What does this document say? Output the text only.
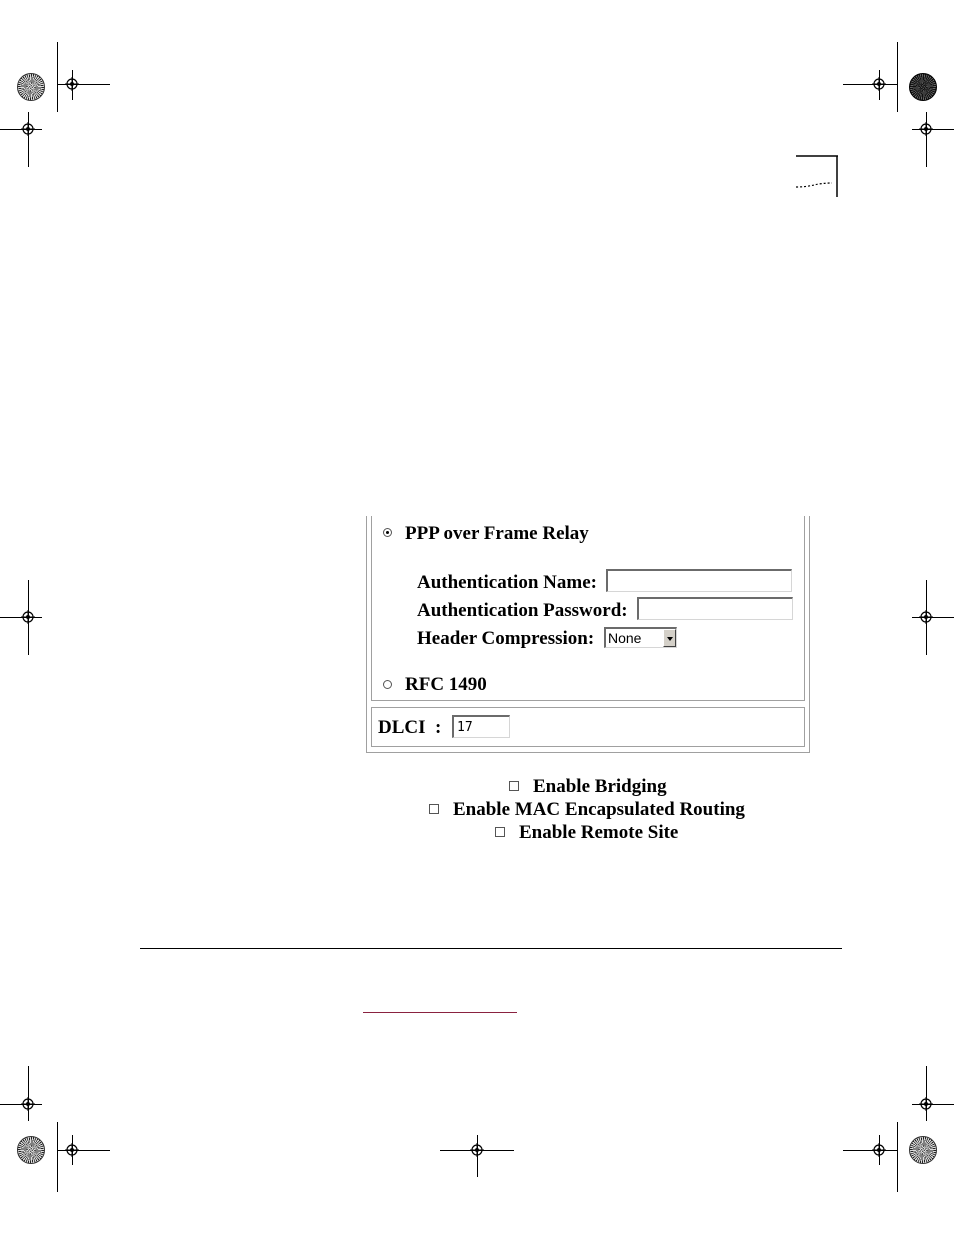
PPP over Frame Relay
Authentication Name:
Authentication Password:
Header Compression: None
RFC 1490
DLCI  :
17
Enable Bridging
Enable MAC Encapsulated Routing
Enable Remote Site
